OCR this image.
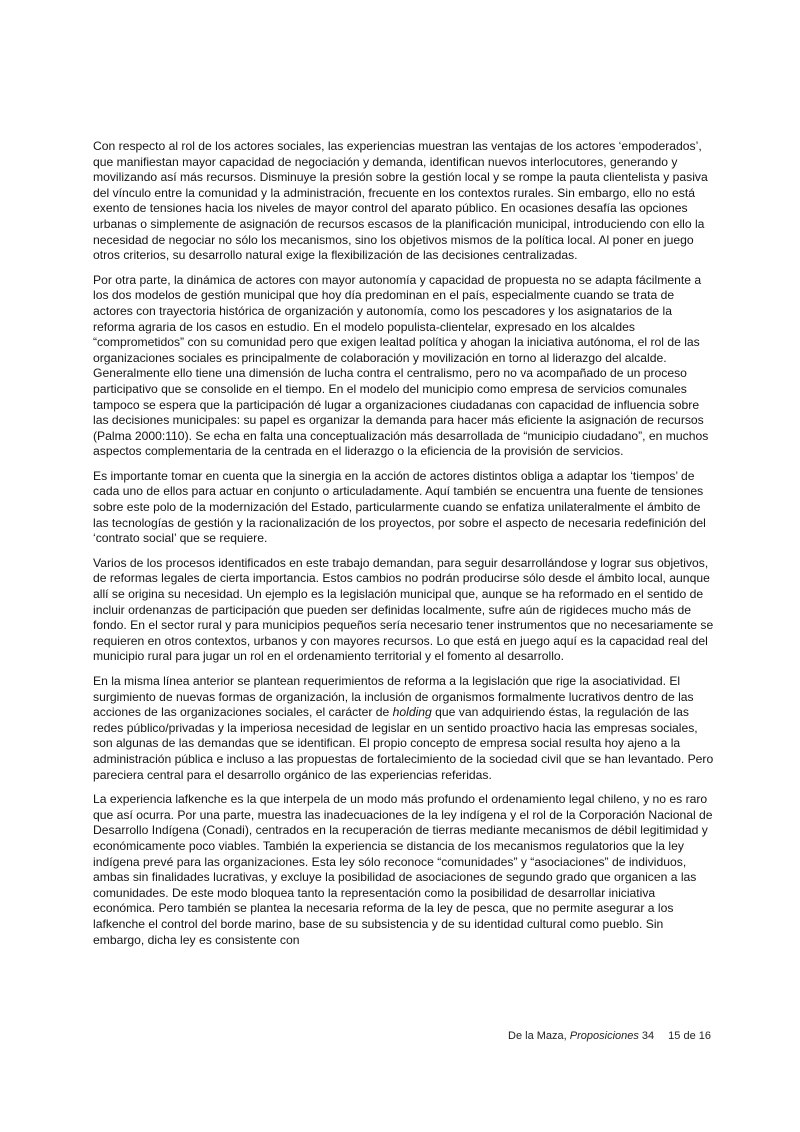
Con respecto al rol de los actores sociales, las experiencias muestran las ventajas de los actores ‘empoderados’, que manifiestan mayor capacidad de negociación y demanda, identifican nuevos interlocutores, generando y movilizando así más recursos. Disminuye la presión sobre la gestión local y se rompe la pauta clientelista y pasiva del vínculo entre la comunidad y la administración, frecuente en los contextos rurales. Sin embargo, ello no está exento de tensiones hacia los niveles de mayor control del aparato público. En ocasiones desafía las opciones urbanas o simplemente de asignación de recursos escasos de la planificación municipal, introduciendo con ello la necesidad de negociar no sólo los mecanismos, sino los objetivos mismos de la política local. Al poner en juego otros criterios, su desarrollo natural exige la flexibilización de las decisiones centralizadas.

Por otra parte, la dinámica de actores con mayor autonomía y capacidad de propuesta no se adapta fácilmente a los dos modelos de gestión municipal que hoy día predominan en el país, especialmente cuando se trata de actores con trayectoria histórica de organización y autonomía, como los pescadores y los asignatarios de la reforma agraria de los casos en estudio. En el modelo populista-clientelar, expresado en los alcaldes “comprometidos” con su comunidad pero que exigen lealtad política y ahogan la iniciativa autónoma, el rol de las organizaciones sociales es principalmente de colaboración y movilización en torno al liderazgo del alcalde. Generalmente ello tiene una dimensión de lucha contra el centralismo, pero no va acompañado de un proceso participativo que se consolide en el tiempo. En el modelo del municipio como empresa de servicios comunales tampoco se espera que la participación dé lugar a organizaciones ciudadanas con capacidad de influencia sobre las decisiones municipales: su papel es organizar la demanda para hacer más eficiente la asignación de recursos (Palma 2000:110). Se echa en falta una conceptualización más desarrollada de “municipio ciudadano”, en muchos aspectos complementaria de la centrada en el liderazgo o la eficiencia de la provisión de servicios.

Es importante tomar en cuenta que la sinergia en la acción de actores distintos obliga a adaptar los ‘tiempos’ de cada uno de ellos para actuar en conjunto o articuladamente. Aquí también se encuentra una fuente de tensiones sobre este polo de la modernización del Estado, particularmente cuando se enfatiza unilateralmente el ámbito de las tecnologías de gestión y la racionalización de los proyectos, por sobre el aspecto de necesaria redefinición del ‘contrato social’ que se requiere.

Varios de los procesos identificados en este trabajo demandan, para seguir desarrollándose y lograr sus objetivos, de reformas legales de cierta importancia. Estos cambios no podrán producirse sólo desde el ámbito local, aunque allí se origina su necesidad. Un ejemplo es la legislación municipal que, aunque se ha reformado en el sentido de incluir ordenanzas de participación que pueden ser definidas localmente, sufre aún de rigideces mucho más de fondo. En el sector rural y para municipios pequeños sería necesario tener instrumentos que no necesariamente se requieren en otros contextos, urbanos y con mayores recursos. Lo que está en juego aquí es la capacidad real del municipio rural para jugar un rol en el ordenamiento territorial y el fomento al desarrollo.

En la misma línea anterior se plantean requerimientos de reforma a la legislación que rige la asociatividad. El surgimiento de nuevas formas de organización, la inclusión de organismos formalmente lucrativos dentro de las acciones de las organizaciones sociales, el carácter de holding que van adquiriendo éstas, la regulación de las redes público/privadas y la imperiosa necesidad de legislar en un sentido proactivo hacia las empresas sociales, son algunas de las demandas que se identifican. El propio concepto de empresa social resulta hoy ajeno a la administración pública e incluso a las propuestas de fortalecimiento de la sociedad civil que se han levantado. Pero pareciera central para el desarrollo orgánico de las experiencias referidas.

La experiencia lafkenche es la que interpela de un modo más profundo el ordenamiento legal chileno, y no es raro que así ocurra. Por una parte, muestra las inadecuaciones de la ley indígena y el rol de la Corporación Nacional de Desarrollo Indígena (Conadi), centrados en la recuperación de tierras mediante mecanismos de débil legitimidad y económicamente poco viables. También la experiencia se distancia de los mecanismos regulatorios que la ley indígena prevé para las organizaciones. Esta ley sólo reconoce “comunidades” y “asociaciones” de individuos, ambas sin finalidades lucrativas, y excluye la posibilidad de asociaciones de segundo grado que organicen a las comunidades. De este modo bloquea tanto la representación como la posibilidad de desarrollar iniciativa económica. Pero también se plantea la necesaria reforma de la ley de pesca, que no permite asegurar a los lafkenche el control del borde marino, base de su subsistencia y de su identidad cultural como pueblo. Sin embargo, dicha ley es consistente con

De la Maza, Proposiciones 34 15 de 16
